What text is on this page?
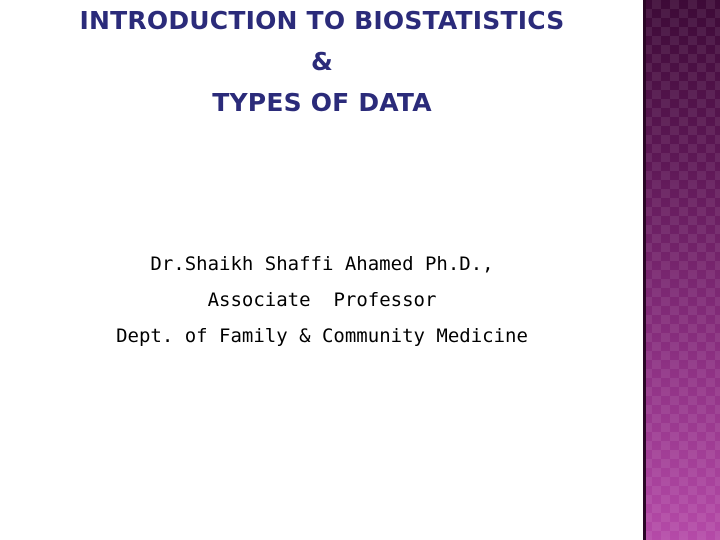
INTRODUCTION TO BIOSTATISTICS
&
TYPES OF DATA
Dr.Shaikh Shaffi Ahamed Ph.D.,
Associate  Professor
Dept. of Family & Community Medicine
